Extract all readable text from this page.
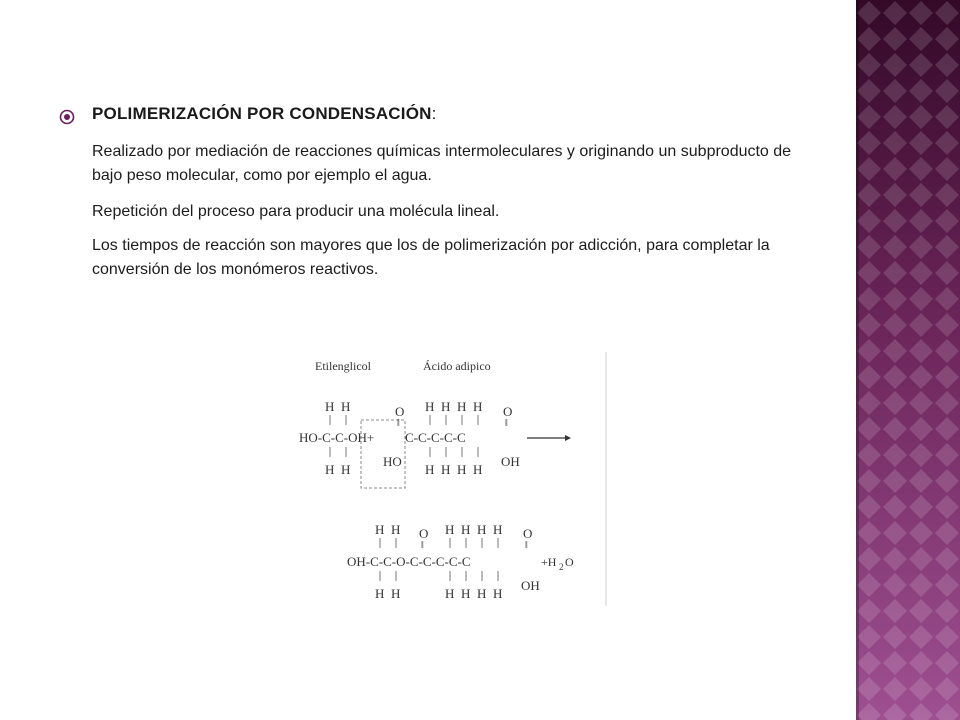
POLIMERIZACIÓN POR CONDENSACIÓN:
Realizado por mediación de reacciones químicas intermoleculares y originando un subproducto de bajo peso molecular, como por ejemplo el agua.
Repetición del proceso para producir una molécula lineal.
Los tiempos de reacción son mayores que los de polimerización por adicción, para completar la conversión de los monómeros reactivos.
Etilenglicol	Ácido adipico
H H
HO-C-C-OH+
H H
HO
O
‖
C-C-C-C-C
H H H H
H H H H
O
‖
OH
H H
OH-C-C-O-C-C-C-C-C
O
‖
H H H H
H H	H H H H
O
‖
OH
+H 2 O
